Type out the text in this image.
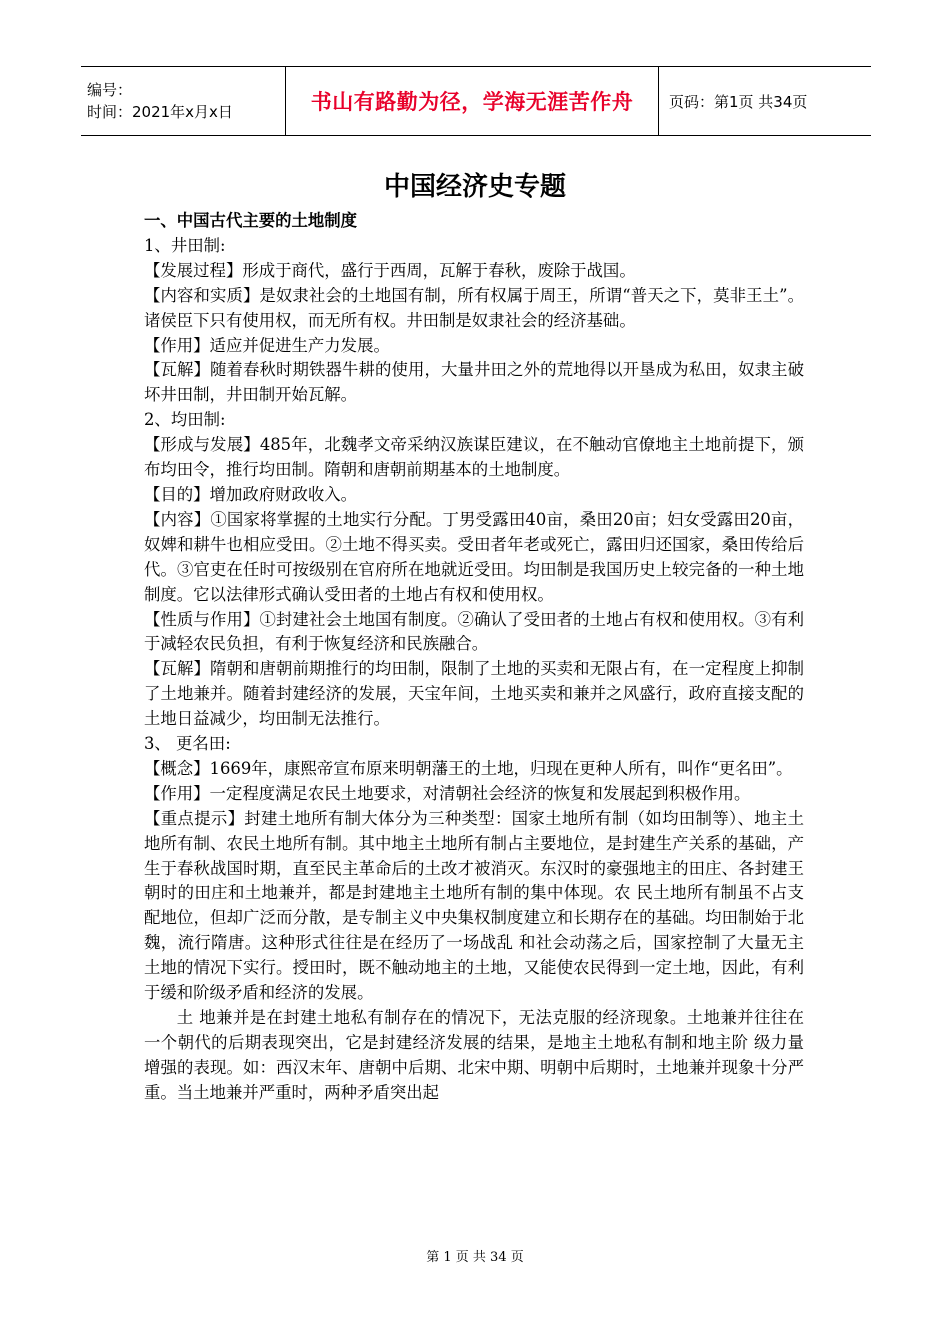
编号：
时间：2021年x月x日	书山有路勤为径，学海无涯苦作舟	页码：第1页 共34页
中国经济史专题

一、中国古代主要的土地制度

1、井田制:

【发展过程】形成于商代，盛行于西周，瓦解于春秋，废除于战国。

【内容和实质】是奴隶社会的土地国有制，所有权属于周王，所谓“普天之下，莫非王土”。诸侯臣下只有使用权，而无所有权。井田制是奴隶社会的经济基础。

【作用】适应并促进生产力发展。

【瓦解】随着春秋时期铁器牛耕的使用，大量井田之外的荒地得以开垦成为私田，奴隶主破坏井田制，井田制开始瓦解。

2、均田制:

【形成与发展】485年，北魏孝文帝采纳汉族谋臣建议，在不触动官僚地主土地前提下，颁布均田令，推行均田制。隋朝和唐朝前期基本的土地制度。

【目的】增加政府财政收入。

【内容】①国家将掌握的土地实行分配。丁男受露田40亩，桑田20亩；妇女受露田20亩，奴婢和耕牛也相应受田。②土地不得买卖。受田者年老或死亡，露田归还国家，桑田传给后代。③官吏在任时可按级别在官府所在地就近受田。均田制是我国历史上较完备的一种土地制度。它以法律形式确认受田者的土地占有权和使用权。

【性质与作用】①封建社会土地国有制度。②确认了受田者的土地占有权和使用权。③有利于减轻农民负担，有利于恢复经济和民族融合。

【瓦解】隋朝和唐朝前期推行的均田制，限制了土地的买卖和无限占有，在一定程度上抑制了土地兼并。随着封建经济的发展，天宝年间，土地买卖和兼并之风盛行，政府直接支配的土地日益减少，均田制无法推行。

3、 更名田:

【概念】1669年，康熙帝宣布原来明朝藩王的土地，归现在更种人所有，叫作“更名田”。

【作用】一定程度满足农民土地要求，对清朝社会经济的恢复和发展起到积极作用。

【重点提示】封建土地所有制大体分为三种类型：国家土地所有制（如均田制等）、地主土地所有制、农民土地所有制。其中地主土地所有制占主要地位，是封建生产关系的基础，产生于春秋战国时期，直至民主革命后的土改才被消灭。东汉时的豪强地主的田庄、各封建王朝时的田庄和土地兼并，都是封建地主土地所有制的集中体现。农 民土地所有制虽不占支配地位，但却广泛而分散，是专制主义中央集权制度建立和长期存在的基础。均田制始于北魏，流行隋唐。这种形式往往是在经历了一场战乱 和社会动荡之后，国家控制了大量无主土地的情况下实行。授田时，既不触动地主的土地，又能使农民得到一定土地，因此，有利于缓和阶级矛盾和经济的发展。

土 地兼并是在封建土地私有制存在的情况下，无法克服的经济现象。土地兼并往往在一个朝代的后期表现突出，它是封建经济发展的结果，是地主土地私有制和地主阶 级力量增强的表现。如：西汉末年、唐朝中后期、北宋中期、明朝中后期时，土地兼并现象十分严重。当土地兼并严重时，两种矛盾突出起

第 1 页 共 34 页
